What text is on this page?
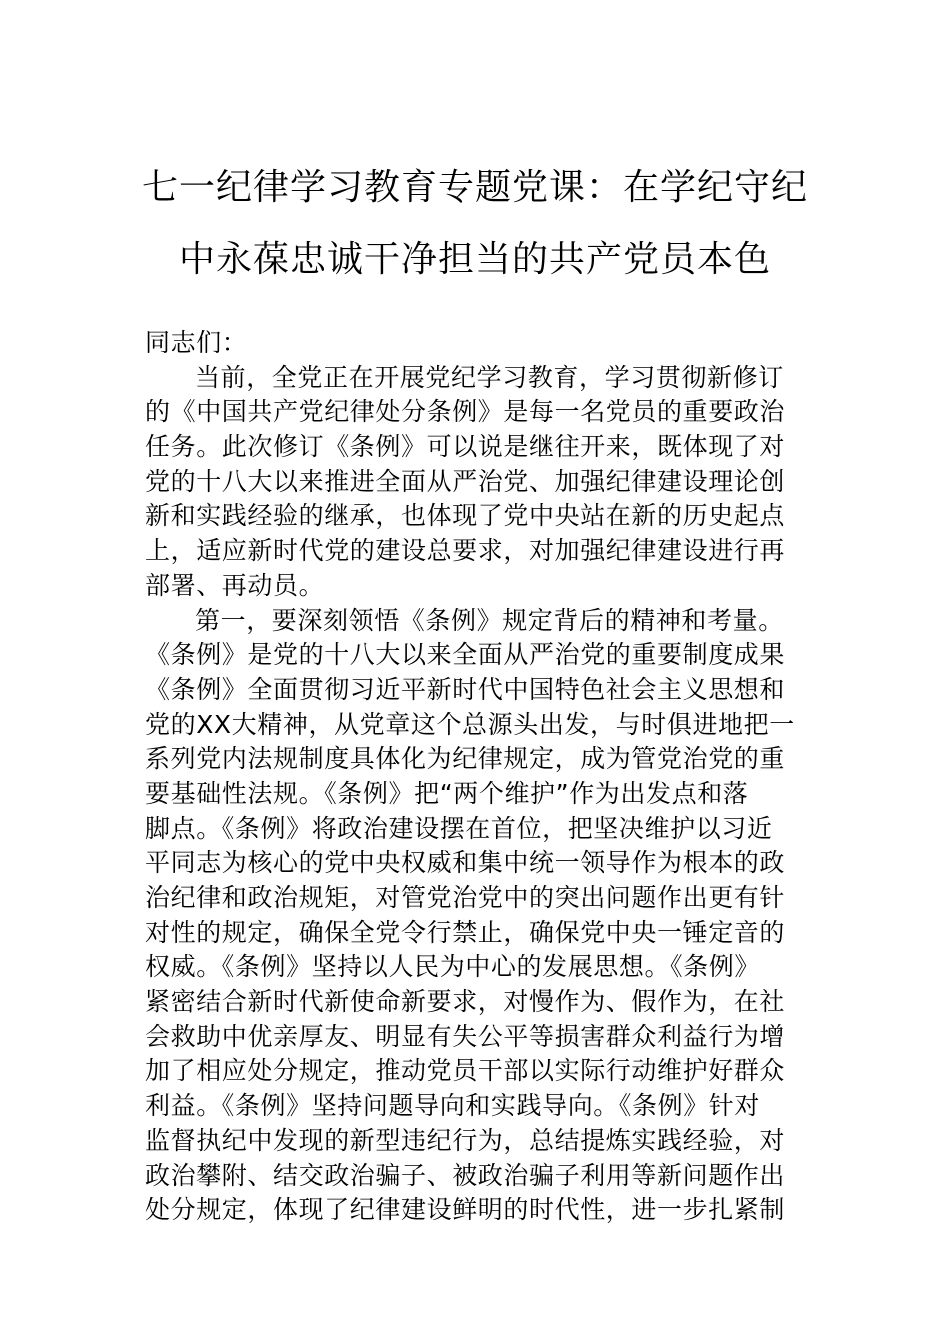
七一纪律学习教育专题党课：在学纪守纪
中永葆忠诚干净担当的共产党员本色
同志们：
当前，全党正在开展党纪学习教育，学习贯彻新修订
的《中国共产党纪律处分条例》是每一名党员的重要政治
任务。此次修订《条例》可以说是继往开来，既体现了对
党的十八大以来推进全面从严治党、加强纪律建设理论创
新和实践经验的继承，也体现了党中央站在新的历史起点
上，适应新时代党的建设总要求，对加强纪律建设进行再
部署、再动员。
第一，要深刻领悟《条例》规定背后的精神和考量。
《条例》是党的十八大以来全面从严治党的重要制度成果
《条例》全面贯彻习近平新时代中国特色社会主义思想和
党的XX大精神，从党章这个总源头出发，与时俱进地把一
系列党内法规制度具体化为纪律规定，成为管党治党的重
要基础性法规。《条例》把“两个维护”作为出发点和落
脚点。《条例》将政治建设摆在首位，把坚决维护以习近
平同志为核心的党中央权威和集中统一领导作为根本的政
治纪律和政治规矩，对管党治党中的突出问题作出更有针
对性的规定，确保全党令行禁止，确保党中央一锤定音的
权威。《条例》坚持以人民为中心的发展思想。《条例》
紧密结合新时代新使命新要求，对慢作为、假作为，在社
会救助中优亲厚友、明显有失公平等损害群众利益行为增
加了相应处分规定，推动党员干部以实际行动维护好群众
利益。《条例》坚持问题导向和实践导向。《条例》针对
监督执纪中发现的新型违纪行为，总结提炼实践经验，对
政治攀附、结交政治骗子、被政治骗子利用等新问题作出
处分规定，体现了纪律建设鲜明的时代性，进一步扎紧制
